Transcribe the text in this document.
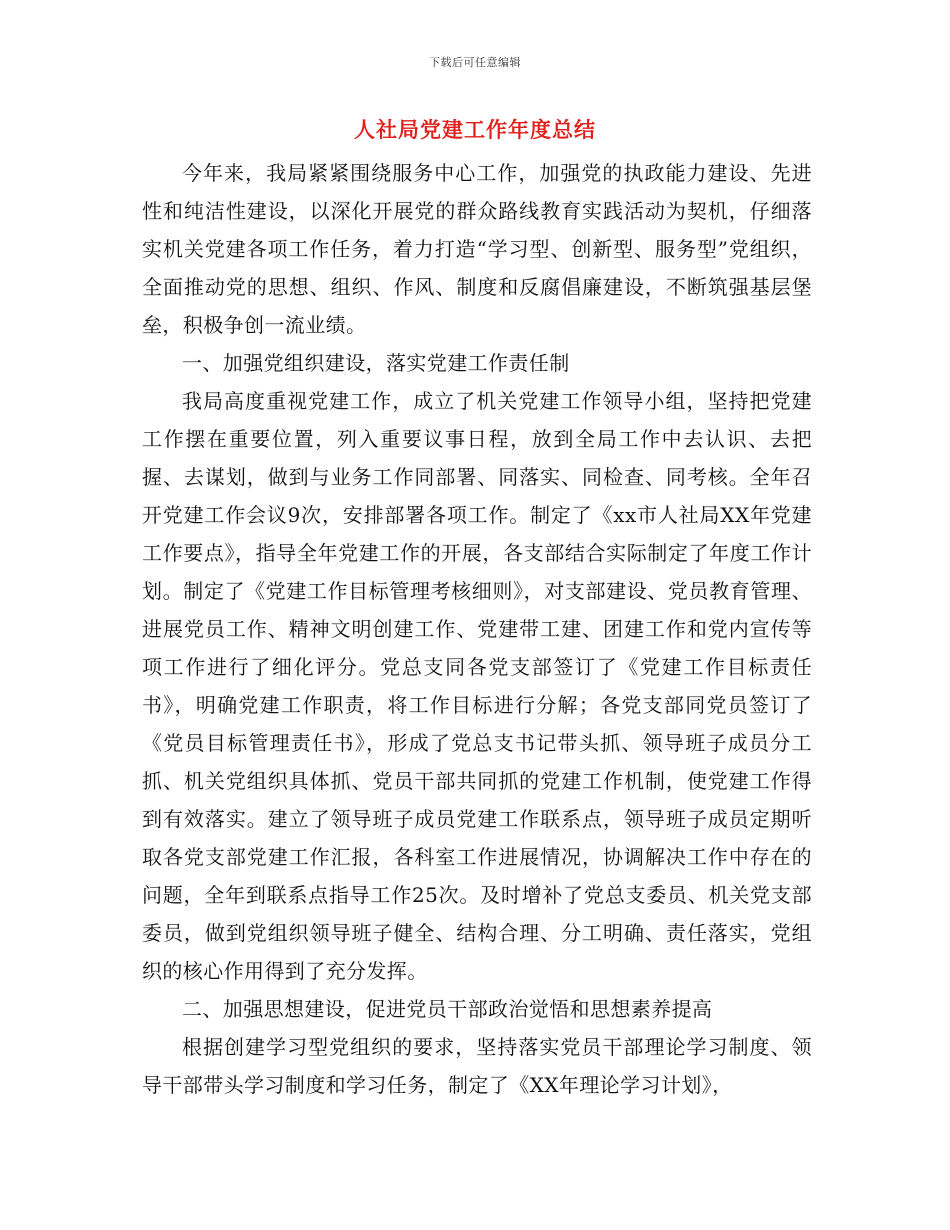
下载后可任意编辑
人社局党建工作年度总结

今年来，我局紧紧围绕服务中心工作，加强党的执政能力建设、先进性和纯洁性建设，以深化开展党的群众路线教育实践活动为契机，仔细落实机关党建各项工作任务，着力打造“学习型、创新型、服务型”党组织，全面推动党的思想、组织、作风、制度和反腐倡廉建设，不断筑强基层堡垒，积极争创一流业绩。

一、加强党组织建设，落实党建工作责任制

我局高度重视党建工作，成立了机关党建工作领导小组，坚持把党建工作摆在重要位置，列入重要议事日程，放到全局工作中去认识、去把握、去谋划，做到与业务工作同部署、同落实、同检查、同考核。全年召开党建工作会议9次，安排部署各项工作。制定了《xx市人社局XX年党建工作要点》，指导全年党建工作的开展，各支部结合实际制定了年度工作计划。制定了《党建工作目标管理考核细则》，对支部建设、党员教育管理、进展党员工作、精神文明创建工作、党建带工建、团建工作和党内宣传等项工作进行了细化评分。党总支同各党支部签订了《党建工作目标责任书》，明确党建工作职责，将工作目标进行分解；各党支部同党员签订了《党员目标管理责任书》，形成了党总支书记带头抓、领导班子成员分工抓、机关党组织具体抓、党员干部共同抓的党建工作机制，使党建工作得到有效落实。建立了领导班子成员党建工作联系点，领导班子成员定期听取各党支部党建工作汇报，各科室工作进展情况，协调解决工作中存在的问题，全年到联系点指导工作25次。及时增补了党总支委员、机关党支部委员，做到党组织领导班子健全、结构合理、分工明确、责任落实，党组织的核心作用得到了充分发挥。

二、加强思想建设，促进党员干部政治觉悟和思想素养提高

根据创建学习型党组织的要求，坚持落实党员干部理论学习制度、领导干部带头学习制度和学习任务，制定了《XX年理论学习计划》，
